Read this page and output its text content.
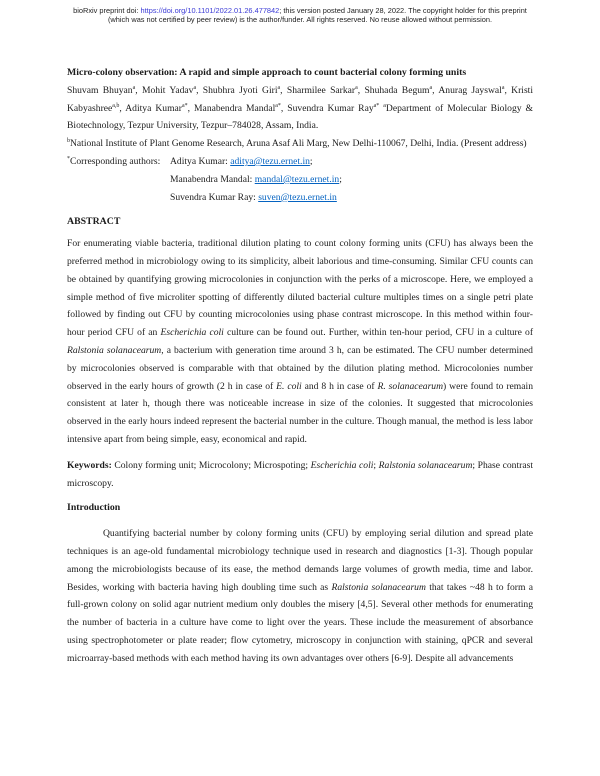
bioRxiv preprint doi: https://doi.org/10.1101/2022.01.26.477842; this version posted January 28, 2022. The copyright holder for this preprint
(which was not certified by peer review) is the author/funder. All rights reserved. No reuse allowed without permission.
Micro-colony observation: A rapid and simple approach to count bacterial colony forming units

Shuvam Bhuyan$^a$, Mohit Yadav$^a$, Shubhra Jyoti Giri$^a$, Sharmilee Sarkar$^a$, Shuhada Begum$^a$, Anurag Jayswal$^a$, Kristi Kabyashree$^{a,b}$, Aditya Kumar$^{a*}$, Manabendra Mandal$^{a*}$, Suvendra Kumar Ray$^{a*}$ $^a$Department of Molecular Biology & Biotechnology, Tezpur University, Tezpur–784028, Assam, India.

$^b$National Institute of Plant Genome Research, Aruna Asaf Ali Marg, New Delhi-110067, Delhi, India. (Present address)

*Corresponding authors:	Aditya Kumar: aditya@tezu.ernet.in;
Manabendra Mandal: mandal@tezu.ernet.in;
Suvendra Kumar Ray: suven@tezu.ernet.in
ABSTRACT

For enumerating viable bacteria, traditional dilution plating to count colony forming units (CFU) has always been the preferred method in microbiology owing to its simplicity, albeit laborious and time-consuming. Similar CFU counts can be obtained by quantifying growing microcolonies in conjunction with the perks of a microscope. Here, we employed a simple method of five microliter spotting of differently diluted bacterial culture multiples times on a single petri plate followed by finding out CFU by counting microcolonies using phase contrast microscope. In this method within four-hour period CFU of an Escherichia coli culture can be found out. Further, within ten-hour period, CFU in a culture of Ralstonia solanacearum, a bacterium with generation time around 3 h, can be estimated. The CFU number determined by microcolonies observed is comparable with that obtained by the dilution plating method. Microcolonies number observed in the early hours of growth (2 h in case of E. coli and 8 h in case of R. solanacearum) were found to remain consistent at later h, though there was noticeable increase in size of the colonies. It suggested that microcolonies observed in the early hours indeed represent the bacterial number in the culture. Though manual, the method is less labor intensive apart from being simple, easy, economical and rapid.

Keywords: Colony forming unit; Microcolony; Microspoting; Escherichia coli; Ralstonia solanacearum; Phase contrast microscopy.

Introduction

Quantifying bacterial number by colony forming units (CFU) by employing serial dilution and spread plate techniques is an age-old fundamental microbiology technique used in research and diagnostics [1-3]. Though popular among the microbiologists because of its ease, the method demands large volumes of growth media, time and labor. Besides, working with bacteria having high doubling time such as Ralstonia solanacearum that takes ~48 h to form a full-grown colony on solid agar nutrient medium only doubles the misery [4,5]. Several other methods for enumerating the number of bacteria in a culture have come to light over the years. These include the measurement of absorbance using spectrophotometer or plate reader; flow cytometry, microscopy in conjunction with staining, qPCR and several microarray-based methods with each method having its own advantages over others [6-9]. Despite all advancements
